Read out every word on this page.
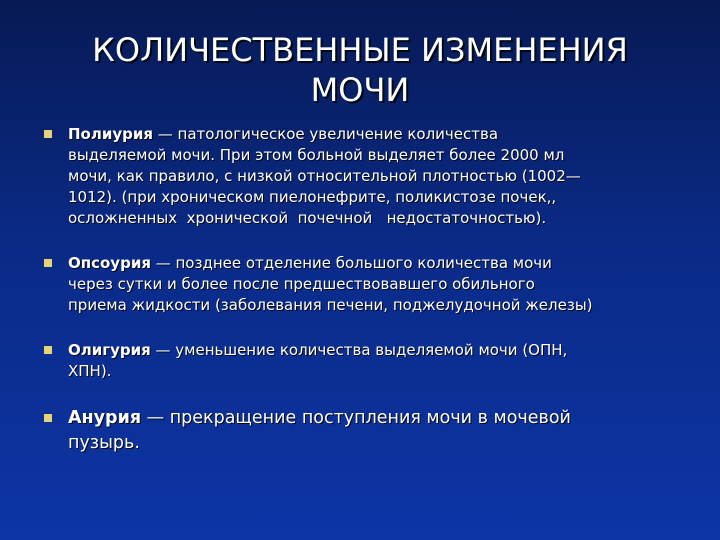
КОЛИЧЕСТВЕННЫЕ ИЗМЕНЕНИЯ
МОЧИ
Полиурия — патологическое увеличение количества
выделяемой мочи. При этом больной выделяет более 2000 мл
мочи, как правило, с низкой относительной плотностью (1002—
1012). (при хроническом пиелонефрите, поликистозе почек,,
осложненных  хронической  почечной   недостаточностью).
Опсоурия — позднее отделение большого количества мочи
через сутки и более после предшествовавшего обильного
приема жидкости (заболевания печени, поджелудочной железы)
Олигурия — уменьшение количества выделяемой мочи (ОПН,
ХПН).
Анурия — прекращение поступления мочи в мочевой
пузырь.
